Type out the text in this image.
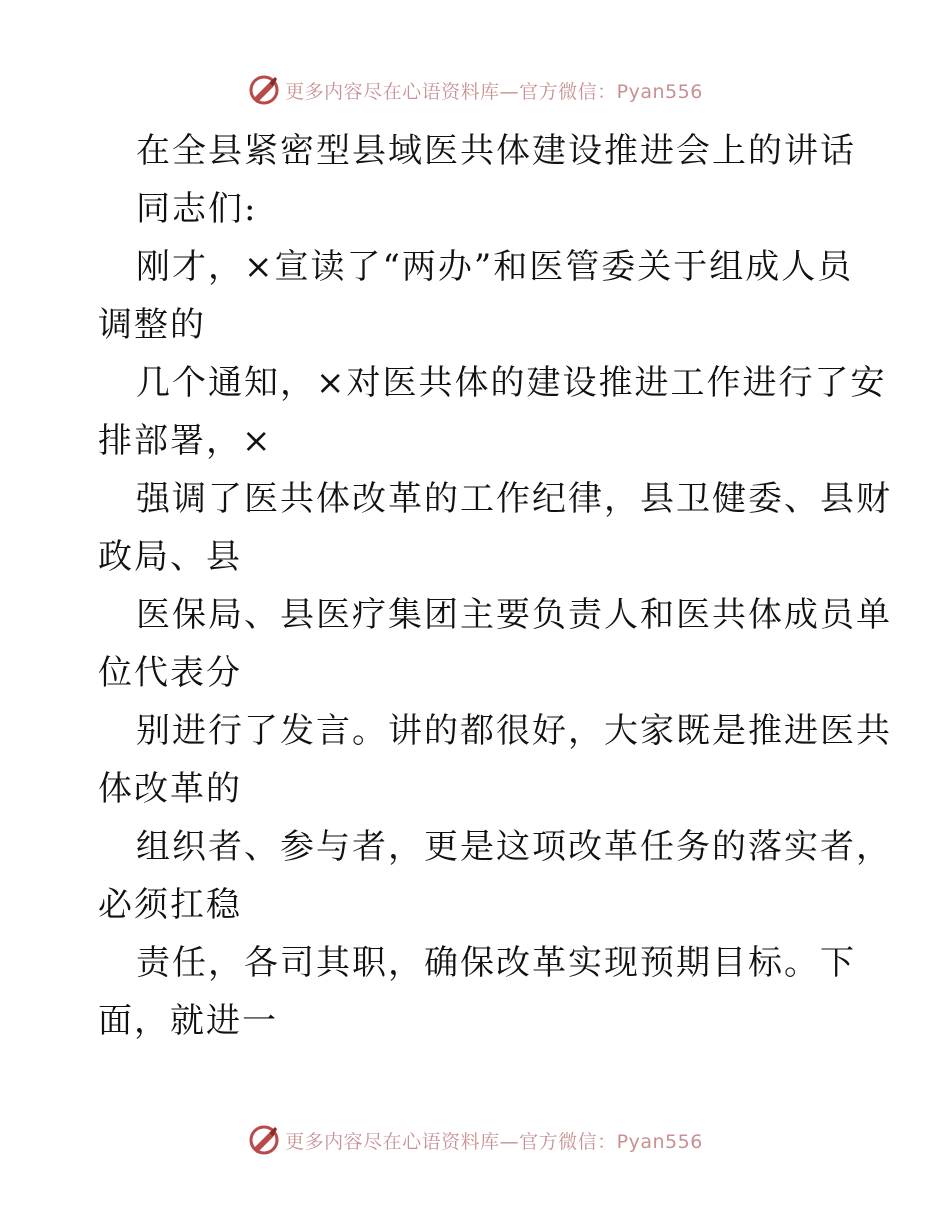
更多内容尽在心语资料库—官方微信：Pyan556
在全县紧密型县域医共体建设推进会上的讲话
同志们:
刚才，×宣读了“两办”和医管委关于组成人员
调整的
几个通知，×对医共体的建设推进工作进行了安
排部署，×
强调了医共体改革的工作纪律，县卫健委、县财
政局、县
医保局、县医疗集团主要负责人和医共体成员单
位代表分
别进行了发言。讲的都很好，大家既是推进医共
体改革的
组织者、参与者，更是这项改革任务的落实者，
必须扛稳
责任，各司其职，确保改革实现预期目标。下
面，就进一
更多内容尽在心语资料库—官方微信：Pyan556
